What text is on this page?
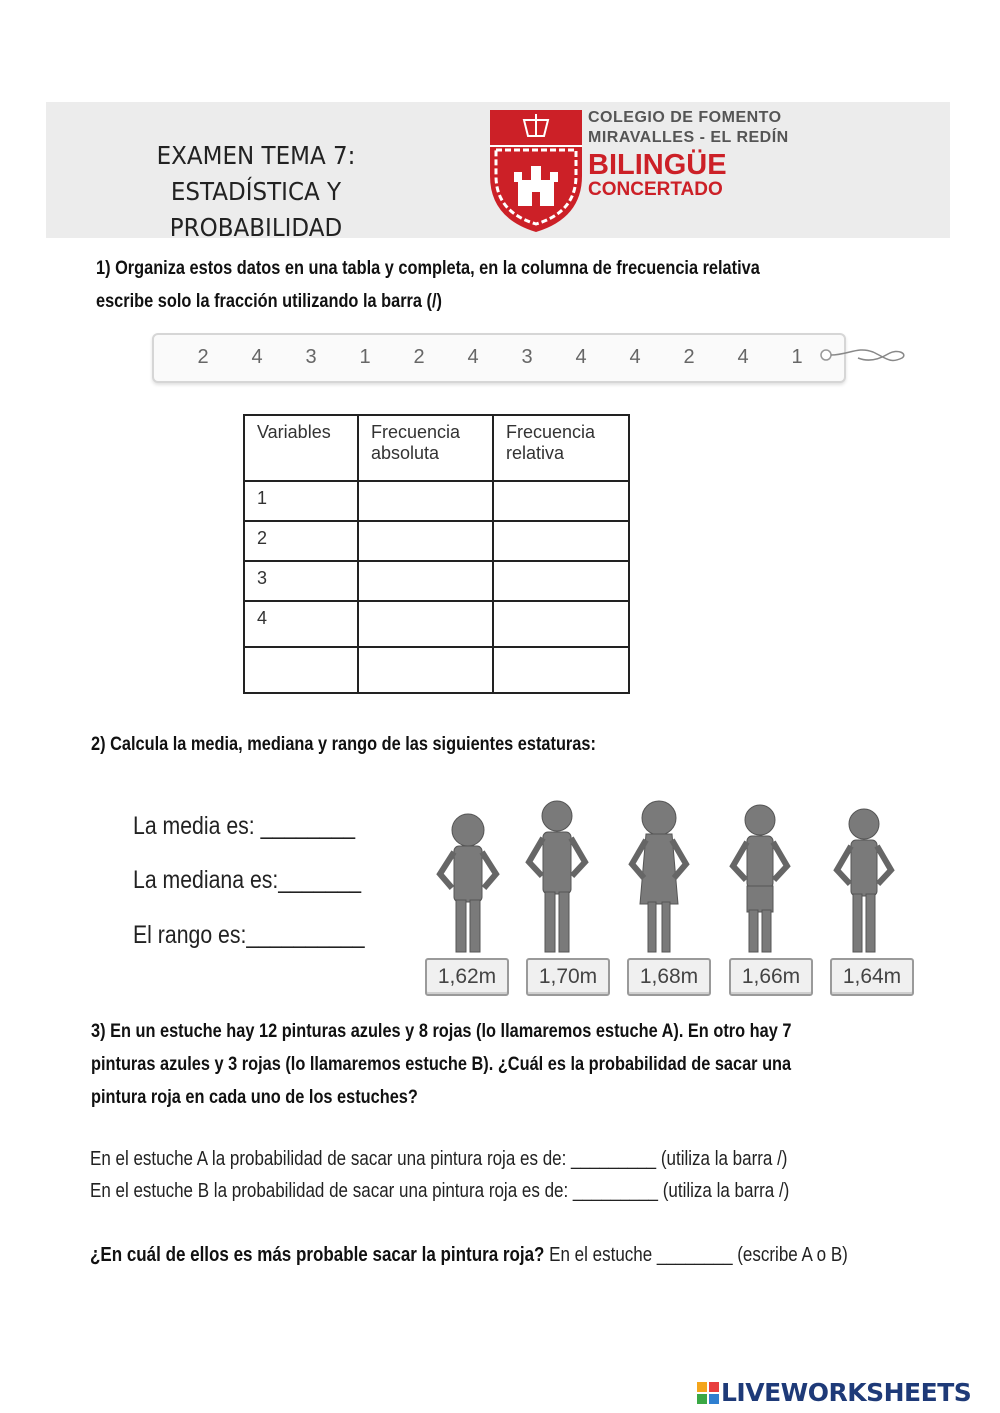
EXAMEN TEMA 7:
ESTADÍSTICA Y PROBABILIDAD
COLEGIO DE FOMENTO
MIRAVALLES - EL REDÍN
BILINGÜE
CONCERTADO
1) Organiza estos datos en una tabla y completa, en la columna de frecuencia relativa
escribe solo la fracción utilizando la barra (/)
2 4 3 1 2 4 3 4 4 2 4 1
Variables	Frecuencia absoluta	Frecuencia relativa
1		
2		
3		
4		

2) Calcula la media, mediana y rango de las siguientes estaturas:
La media es: ________
La mediana es:_______
El rango es:__________
1,62m	1,70m	1,68m	1,66m	1,64m
3) En un estuche hay 12 pinturas azules y 8 rojas (lo llamaremos estuche A). En otro hay 7
pinturas azules y 3 rojas (lo llamaremos estuche B). ¿Cuál es la probabilidad de sacar una
pintura roja en cada uno de los estuches?
En el estuche A la probabilidad de sacar una pintura roja es de: _________ (utiliza la barra /)
En el estuche B la probabilidad de sacar una pintura roja es de: _________ (utiliza la barra /)
¿En cuál de ellos es más probable sacar la pintura roja? En el estuche ________ (escribe A o B)
LIVEWORKSHEETS
